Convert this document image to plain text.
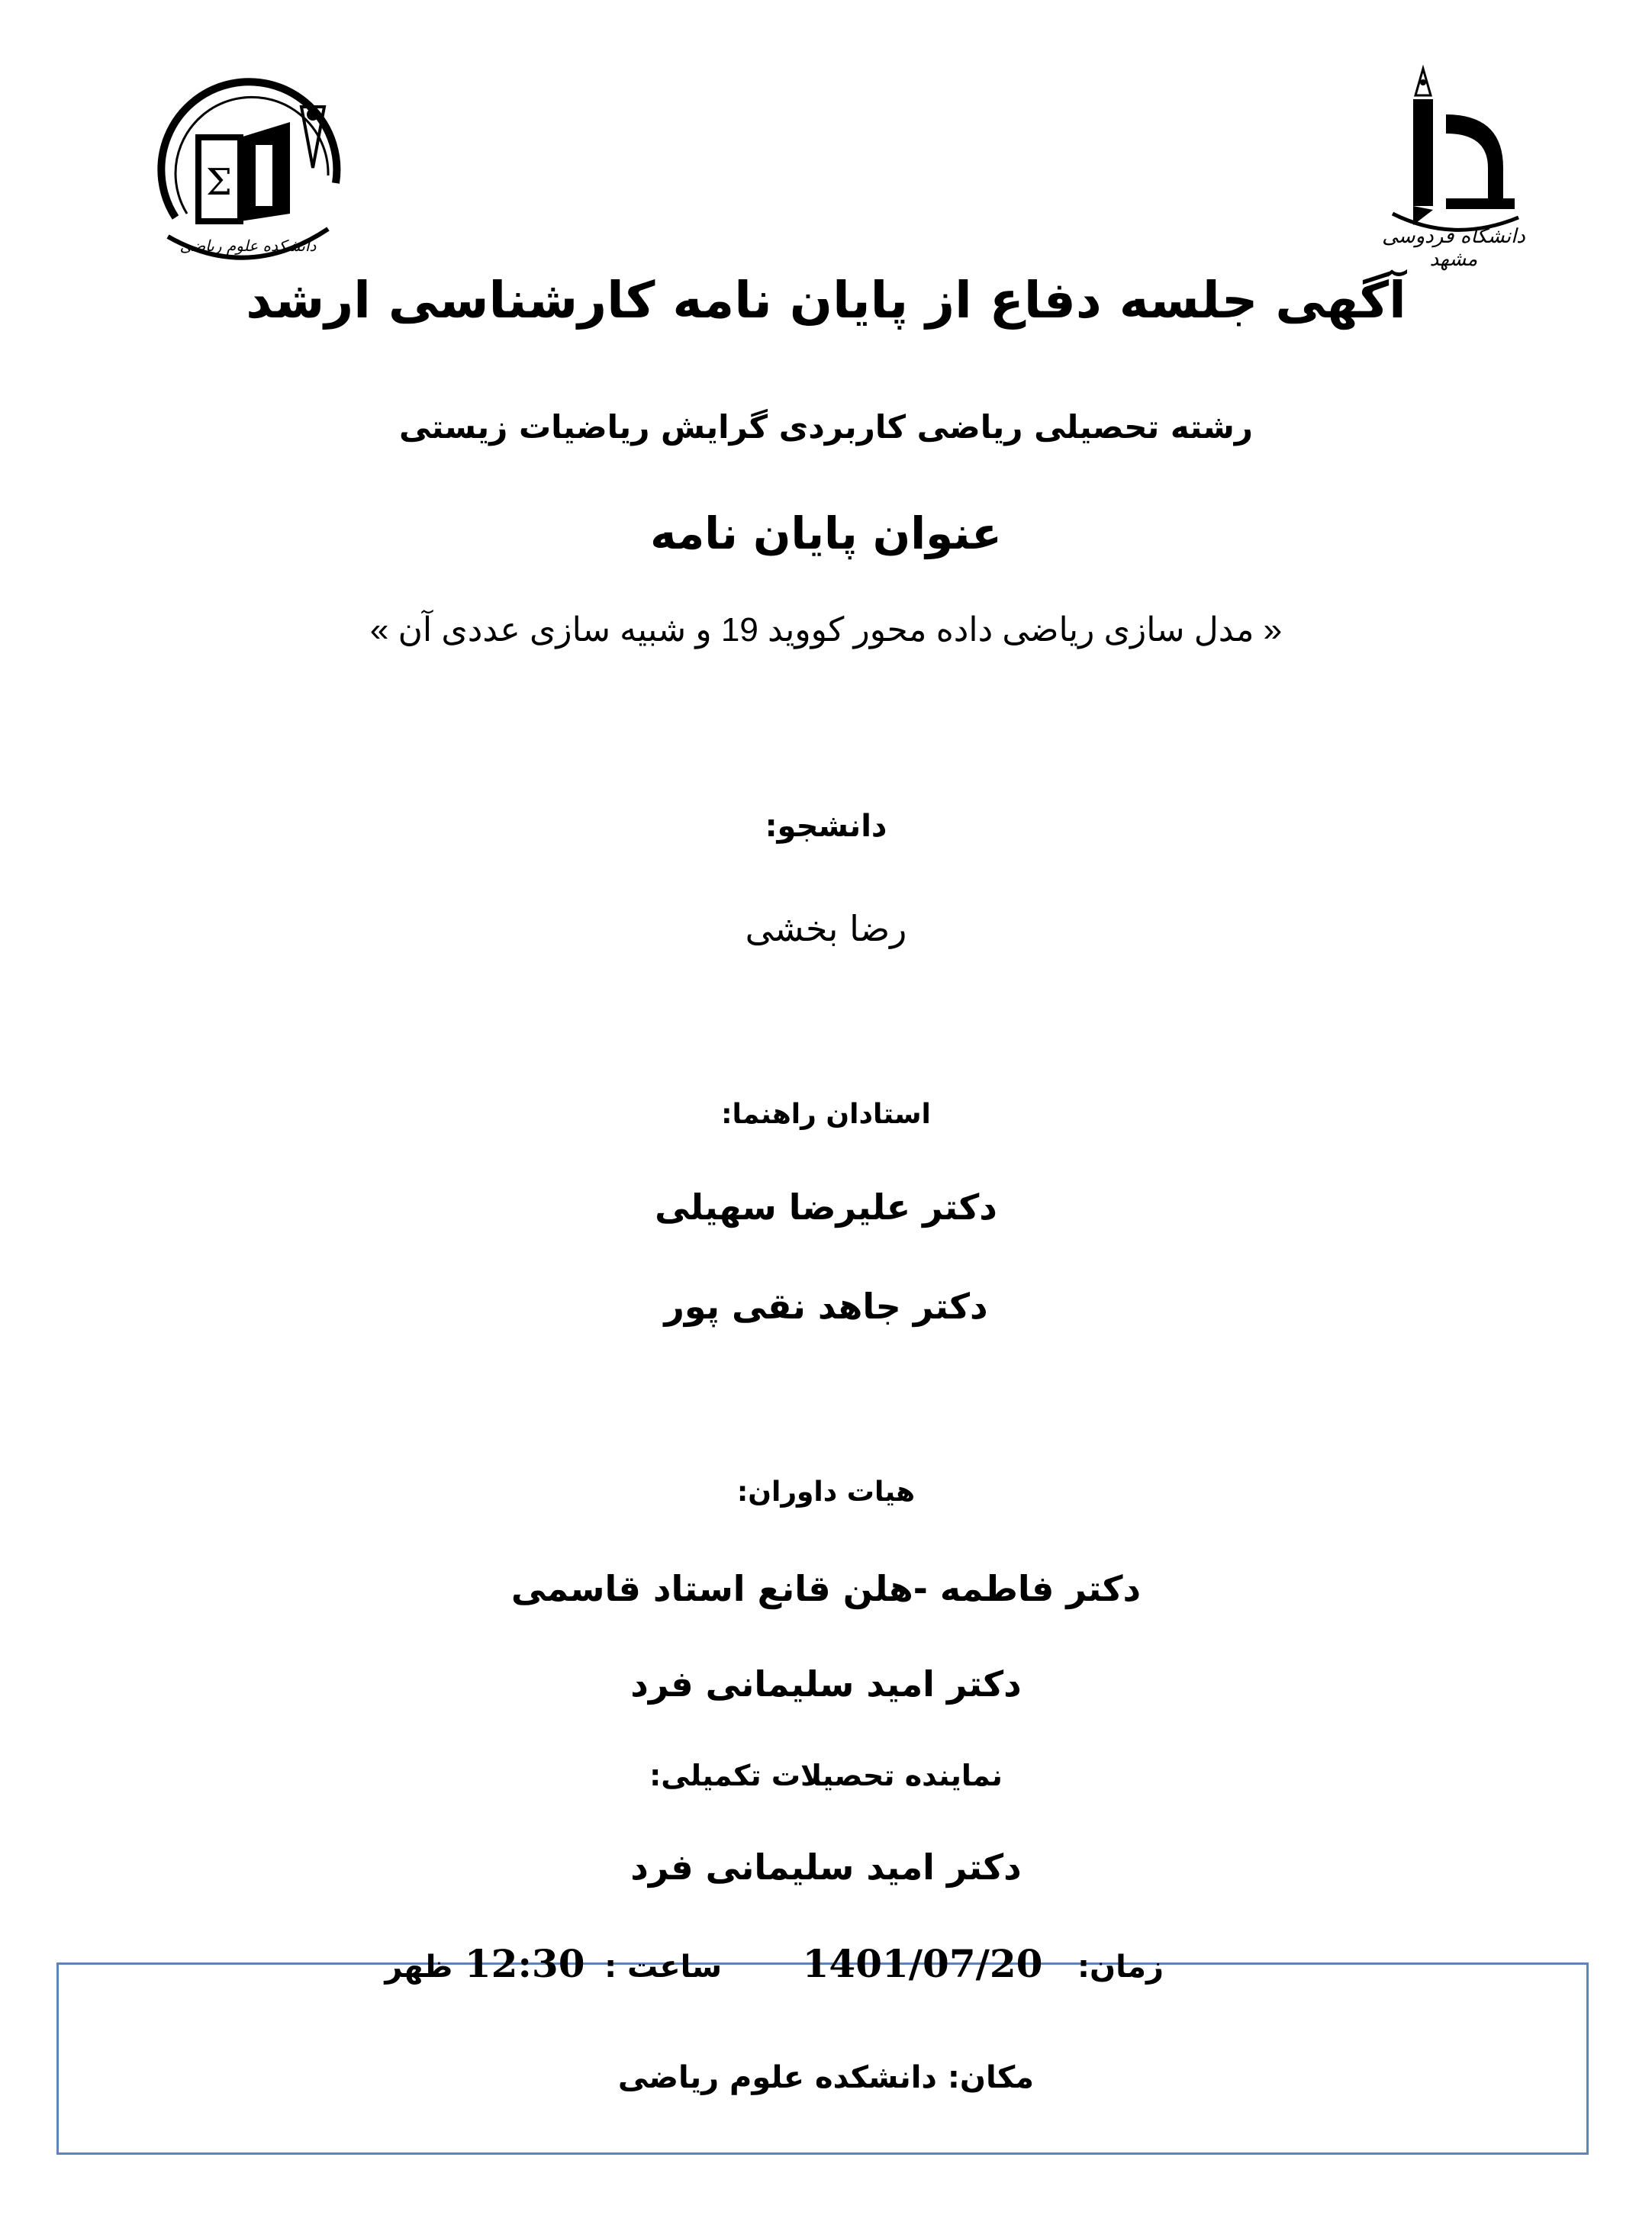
Σ
دانشکده علوم ریاضی	دانشگاه فردوسی مشهد
آگهی جلسه دفاع از پایان نامه کارشناسی ارشد
رشته تحصیلی ریاضی کاربردی گرایش ریاضیات زیستی
عنوان پایان نامه
« مدل سازی ریاضی داده محور کووید 19 و شبیه سازی عددی آن »
دانشجو:
رضا بخشی
استادان راهنما:
دکتر علیرضا سهیلی
دکتر جاهد نقی پور
هیات داوران:
دکتر فاطمه -هلن قانع استاد قاسمی
دکتر امید سلیمانی فرد
نماینده تحصیلات تکمیلی:
دکتر امید سلیمانی فرد
زمان: 1401/07/20 ساعت : 12:30 ظهر
مکان: دانشکده علوم ریاضی
